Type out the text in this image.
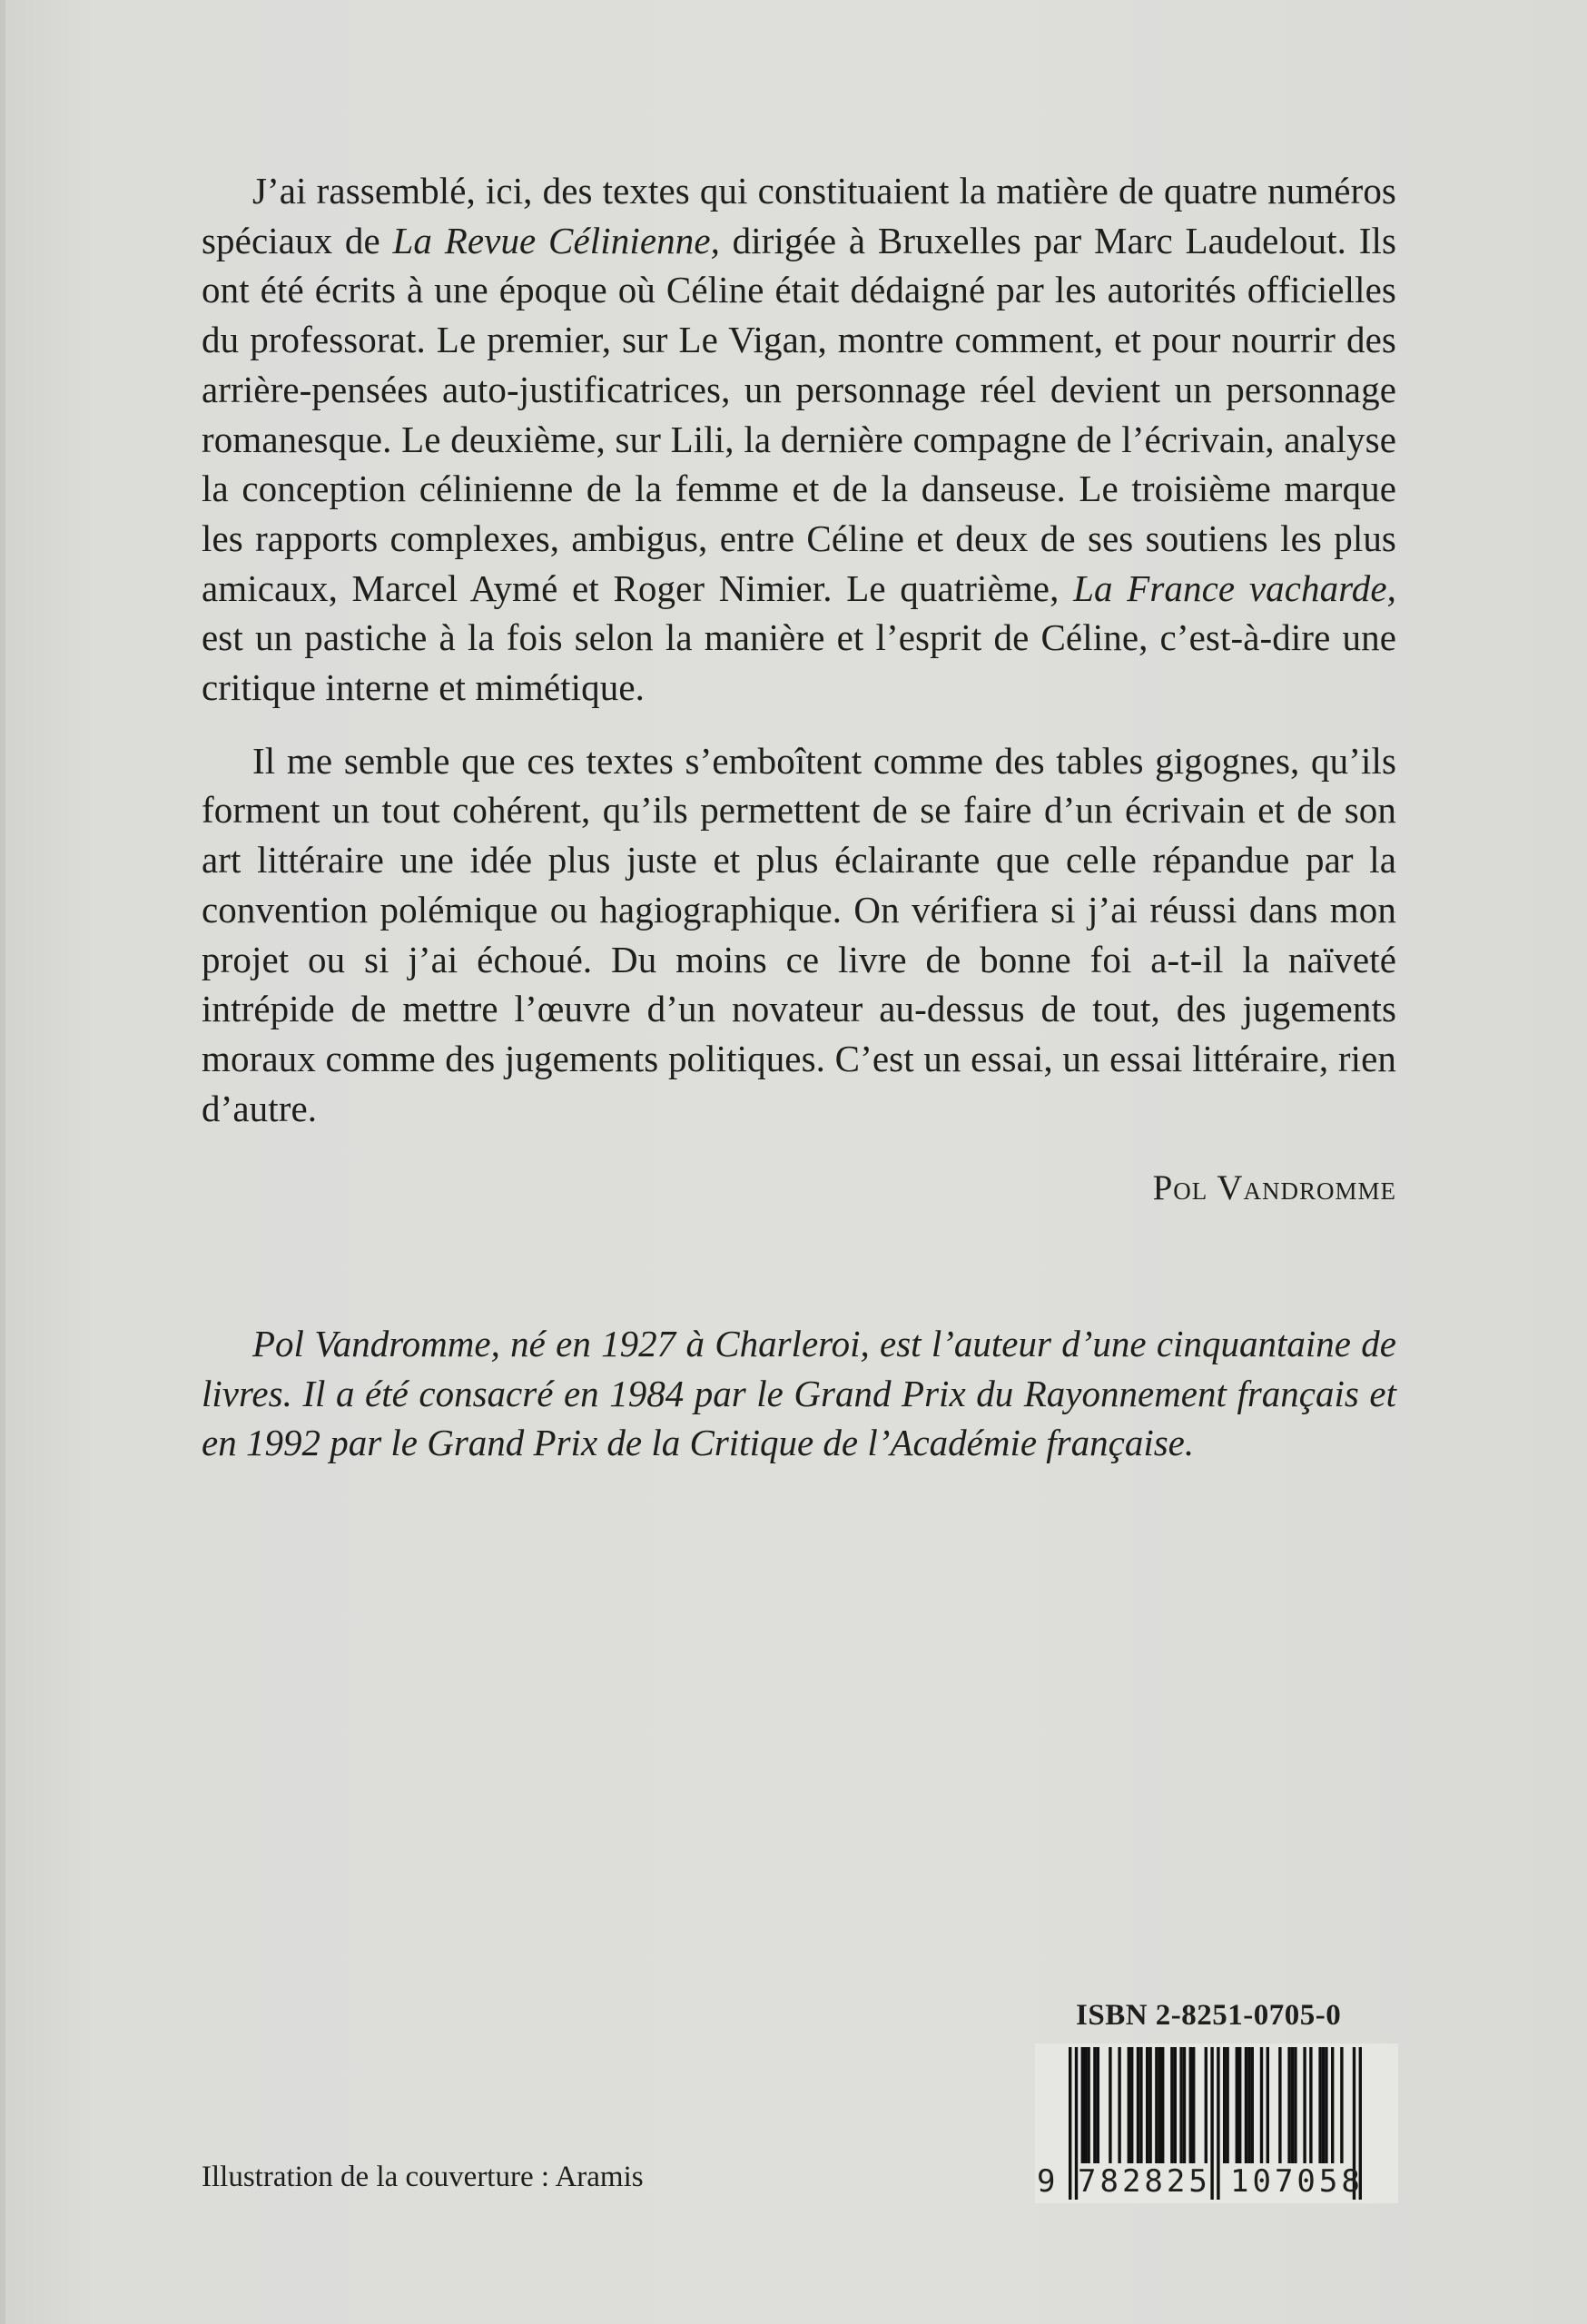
J’ai rassemblé, ici, des textes qui constituaient la matière de quatre numéros spéciaux de La Revue Célinienne, dirigée à Bruxelles par Marc Laudelout. Ils ont été écrits à une époque où Céline était dédaigné par les autorités officielles du professorat. Le premier, sur Le Vigan, montre comment, et pour nourrir des arrière-pensées auto-justificatrices, un personnage réel devient un personnage romanesque. Le deuxième, sur Lili, la dernière compagne de l’écrivain, analyse la conception célinienne de la femme et de la danseuse. Le troisième marque les rapports complexes, ambigus, entre Céline et deux de ses soutiens les plus amicaux, Marcel Aymé et Roger Nimier. Le quatrième, La France vacharde, est un pastiche à la fois selon la manière et l’esprit de Céline, c’est-à-dire une critique interne et mimétique.

Il me semble que ces textes s’emboîtent comme des tables gigognes, qu’ils forment un tout cohérent, qu’ils permettent de se faire d’un écrivain et de son art littéraire une idée plus juste et plus éclairante que celle répandue par la convention polémique ou hagiographique. On vérifiera si j’ai réussi dans mon projet ou si j’ai échoué. Du moins ce livre de bonne foi a-t-il la naïveté intrépide de mettre l’œuvre d’un novateur au-dessus de tout, des jugements moraux comme des jugements politiques. C’est un essai, un essai littéraire, rien d’autre.

Pol Vandromme

Pol Vandromme, né en 1927 à Charleroi, est l’auteur d’une cinquantaine de livres. Il a été consacré en 1984 par le Grand Prix du Rayonnement français et en 1992 par le Grand Prix de la Critique de l’Académie française.

ISBN 2-8251-0705-0
9 782825 107058
Illustration de la couverture : Aramis
